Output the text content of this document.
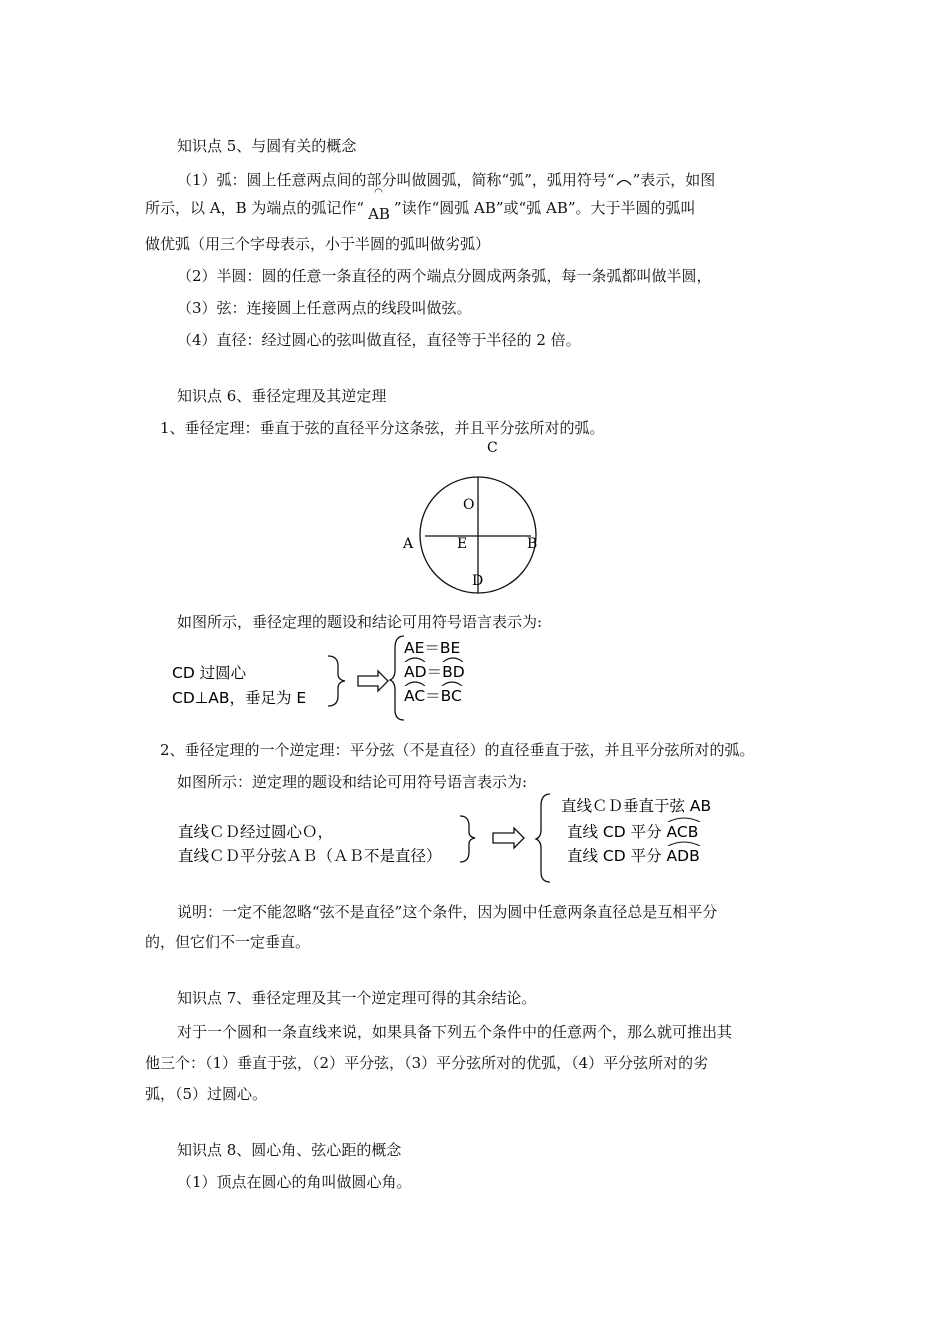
知识点 5、与圆有关的概念

（1）弧：圆上任意两点间的部分叫做圆弧，简称“弧”，弧用符号“ ”表示，如图

所示，以 A，B 为端点的弧记作“
◠
AB ”读作“圆弧 AB”或“弧 AB”。大于半圆的弧叫

做优弧（用三个字母表示，小于半圆的弧叫做劣弧）

（2）半圆：圆的任意一条直径的两个端点分圆成两条弧，每一条弧都叫做半圆，

（3）弦：连接圆上任意两点的线段叫做弦。

（4）直径：经过圆心的弦叫做直径，直径等于半径的 2 倍。

知识点 6、垂径定理及其逆定理

1、垂径定理：垂直于弦的直径平分这条弦，并且平分弦所对的弧。

C
O
A	E	B
D

如图所示，垂径定理的题设和结论可用符号语言表示为:

CD 过圆心

CD⊥AB，垂足为 E

AE＝BE

AD＝
BD

AC＝
BC

2、垂径定理的一个逆定理：平分弦（不是直径）的直径垂直于弦，并且平分弦所对的弧。

如图所示：逆定理的题设和结论可用符号语言表示为:

直线ＣＤ经过圆心Ｏ，

直线ＣＤ平分弦ＡＢ（ＡＢ不是直径）

直线ＣＤ垂直于弦 AB

直线 CD 平分
ACB

直线 CD 平分
ADB

说明：一定不能忽略“弦不是直径”这个条件，因为圆中任意两条直径总是互相平分

的，但它们不一定垂直。

知识点 7、垂径定理及其一个逆定理可得的其余结论。

对于一个圆和一条直线来说，如果具备下列五个条件中的任意两个，那么就可推出其

他三个：（1）垂直于弦，（2）平分弦，（3）平分弦所对的优弧，（4）平分弦所对的劣

弧，（5）过圆心。

知识点 8、圆心角、弦心距的概念

（1）顶点在圆心的角叫做圆心角。
